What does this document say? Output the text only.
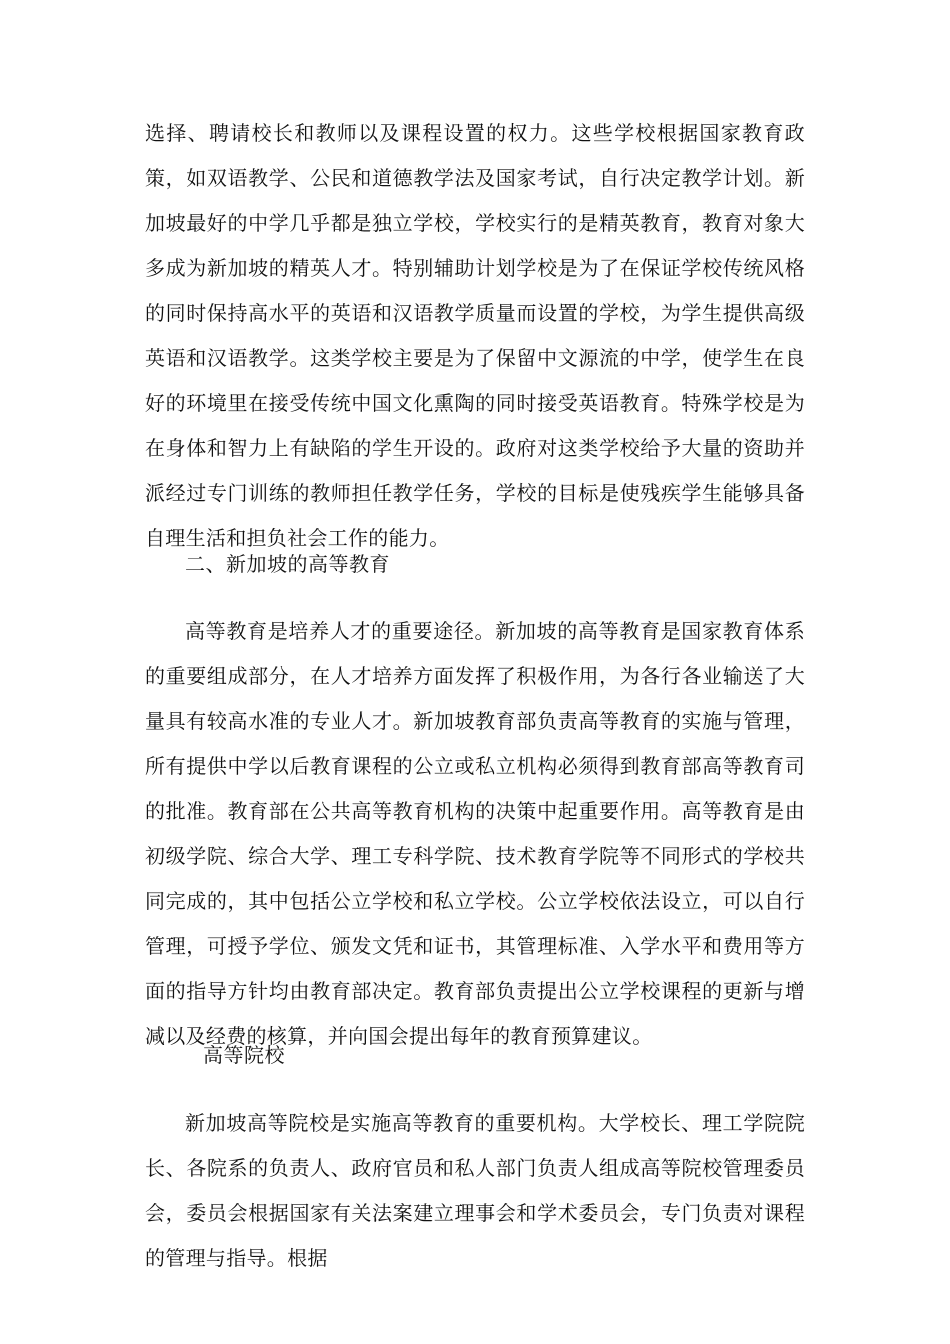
选择、聘请校长和教师以及课程设置的权力。这些学校根据国家教育政策，如双语教学、公民和道德教学法及国家考试，自行决定教学计划。新加坡最好的中学几乎都是独立学校，学校实行的是精英教育，教育对象大多成为新加坡的精英人才。特别辅助计划学校是为了在保证学校传统风格的同时保持高水平的英语和汉语教学质量而设置的学校，为学生提供高级英语和汉语教学。这类学校主要是为了保留中文源流的中学，使学生在良好的环境里在接受传统中国文化熏陶的同时接受英语教育。特殊学校是为在身体和智力上有缺陷的学生开设的。政府对这类学校给予大量的资助并派经过专门训练的教师担任教学任务，学校的目标是使残疾学生能够具备自理生活和担负社会工作的能力。

二、新加坡的高等教育

高等教育是培养人才的重要途径。新加坡的高等教育是国家教育体系的重要组成部分，在人才培养方面发挥了积极作用，为各行各业输送了大量具有较高水准的专业人才。新加坡教育部负责高等教育的实施与管理，所有提供中学以后教育课程的公立或私立机构必须得到教育部高等教育司的批准。教育部在公共高等教育机构的决策中起重要作用。高等教育是由初级学院、综合大学、理工专科学院、技术教育学院等不同形式的学校共同完成的，其中包括公立学校和私立学校。公立学校依法设立，可以自行管理，可授予学位、颁发文凭和证书，其管理标准、入学水平和费用等方面的指导方针均由教育部决定。教育部负责提出公立学校课程的更新与增减以及经费的核算，并向国会提出每年的教育预算建议。

高等院校

新加坡高等院校是实施高等教育的重要机构。大学校长、理工学院院长、各院系的负责人、政府官员和私人部门负责人组成高等院校管理委员会，委员会根据国家有关法案建立理事会和学术委员会，专门负责对课程的管理与指导。根据
